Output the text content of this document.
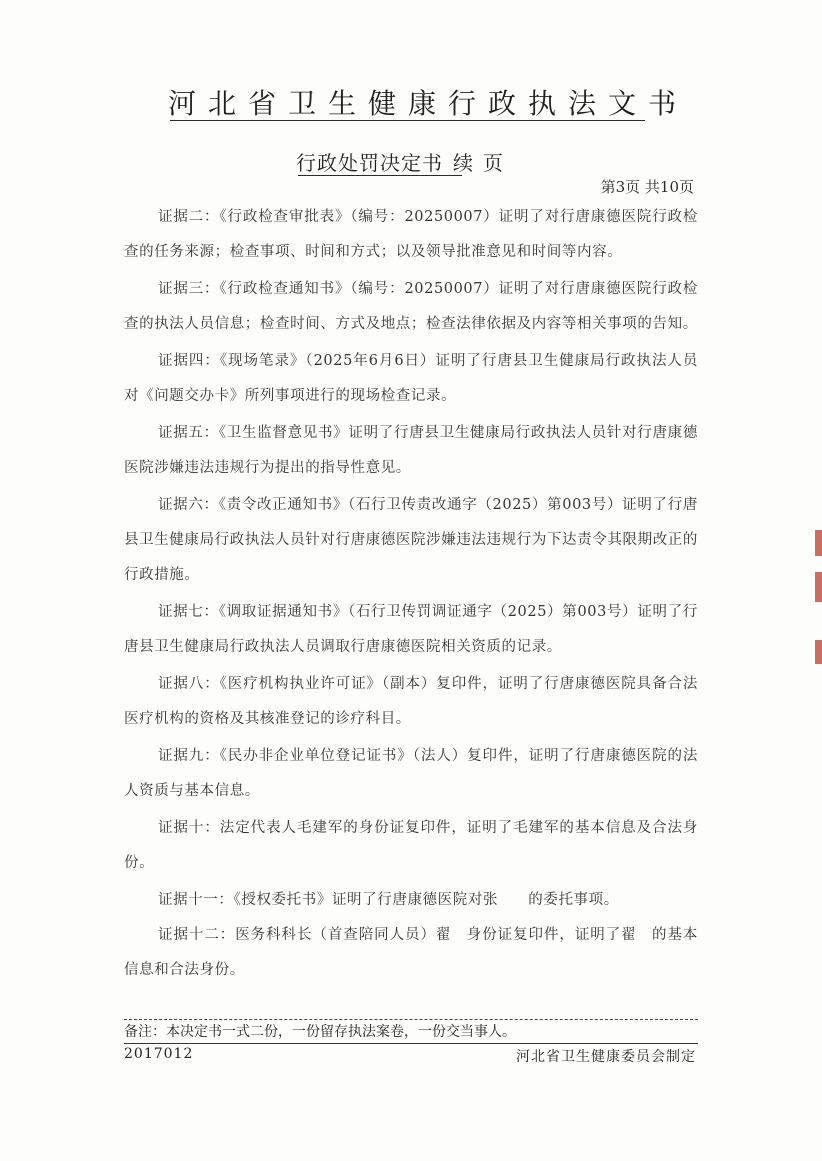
河北省卫生健康行政执法文书
行政处罚决定书 续页
第3页 共10页
证据二：《行政检查审批表》（编号：20250007）证明了对行唐康德医院行政检查的任务来源；检查事项、时间和方式；以及领导批准意见和时间等内容。
证据三：《行政检查通知书》（编号：20250007）证明了对行唐康德医院行政检查的执法人员信息；检查时间、方式及地点；检查法律依据及内容等相关事项的告知。
证据四：《现场笔录》（2025年6月6日）证明了行唐县卫生健康局行政执法人员对《问题交办卡》所列事项进行的现场检查记录。
证据五：《卫生监督意见书》证明了行唐县卫生健康局行政执法人员针对行唐康德医院涉嫌违法违规行为提出的指导性意见。
证据六：《责令改正通知书》（石行卫传责改通字（2025）第003号）证明了行唐县卫生健康局行政执法人员针对行唐康德医院涉嫌违法违规行为下达责令其限期改正的行政措施。
证据七：《调取证据通知书》（石行卫传罚调证通字（2025）第003号）证明了行唐县卫生健康局行政执法人员调取行唐康德医院相关资质的记录。
证据八：《医疗机构执业许可证》（副本）复印件，证明了行唐康德医院具备合法医疗机构的资格及其核准登记的诊疗科目。
证据九：《民办非企业单位登记证书》（法人）复印件，证明了行唐康德医院的法人资质与基本信息。
证据十：法定代表人毛建军的身份证复印件，证明了毛建军的基本信息及合法身份。
证据十一：《授权委托书》证明了行唐康德医院对张　　的委托事项。
证据十二：医务科科长（首查陪同人员）翟　身份证复印件，证明了翟　的基本信息和合法身份。
备注：本决定书一式二份，一份留存执法案卷，一份交当事人。
2017012	河北省卫生健康委员会制定
